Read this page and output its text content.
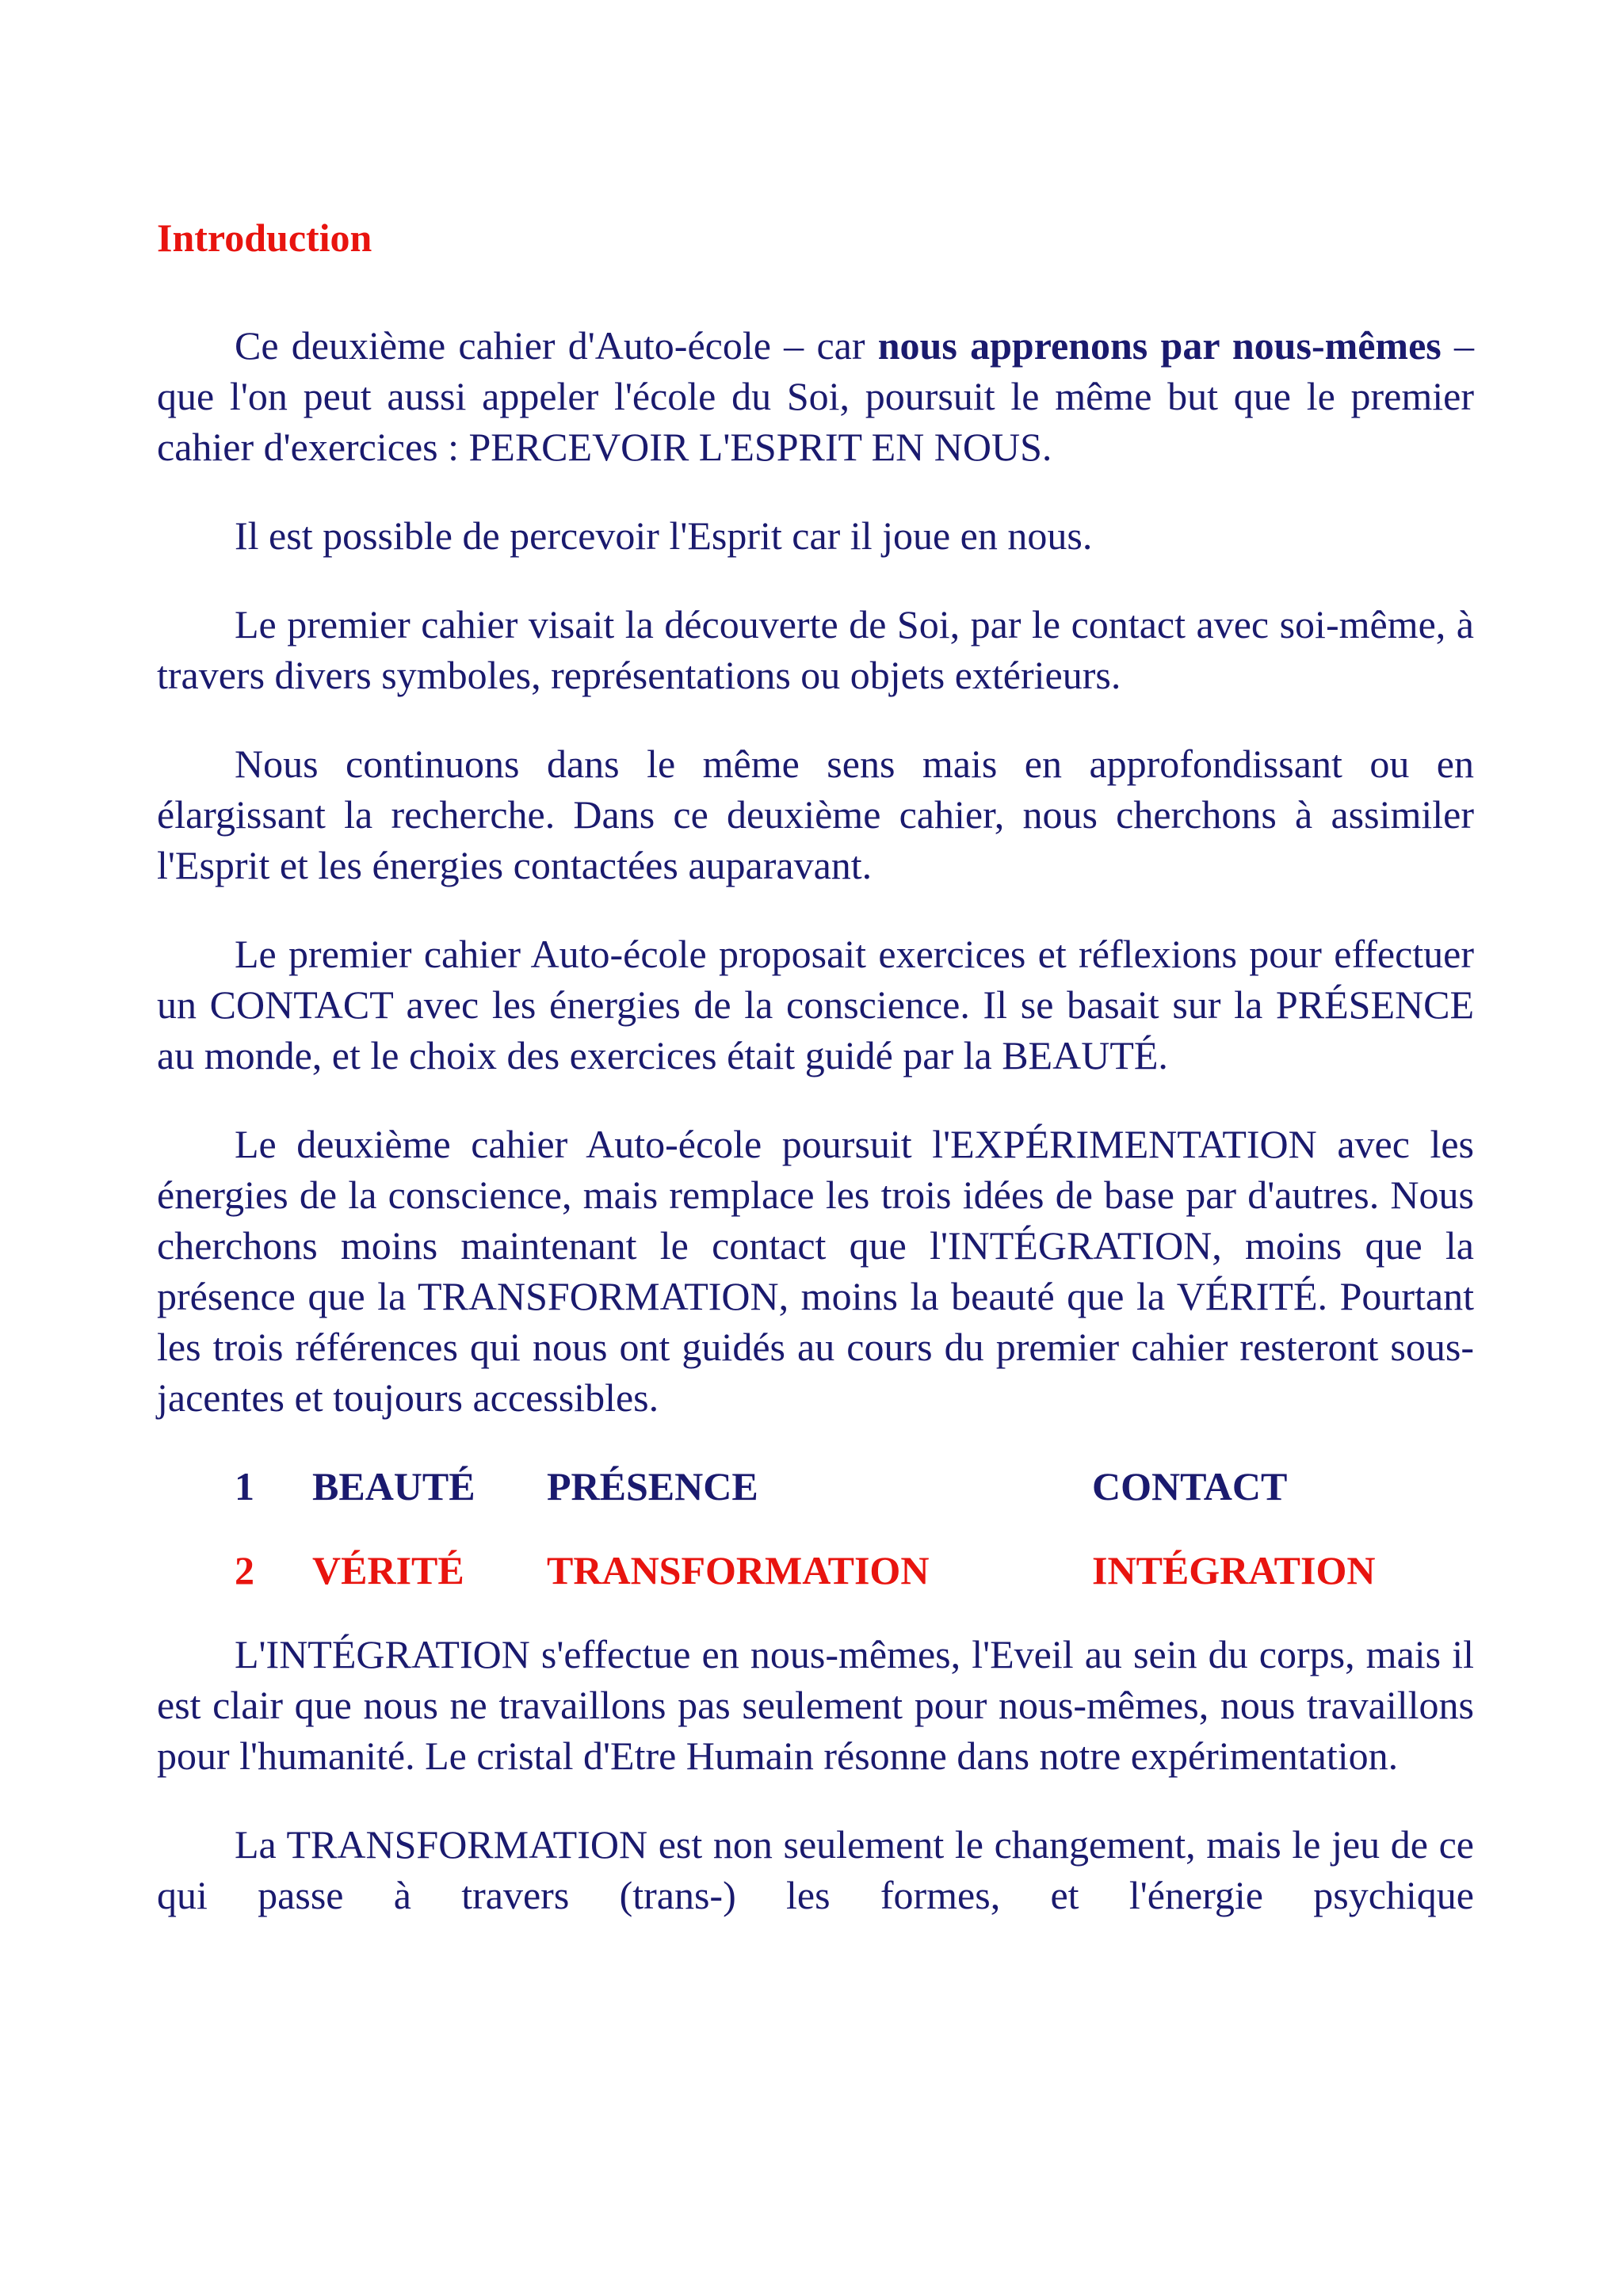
Introduction

Ce deuxième cahier d'Auto-école – car nous apprenons par nous-mêmes – que l'on peut aussi appeler l'école du Soi, poursuit le même but que le premier cahier d'exercices : PERCEVOIR L'ESPRIT EN NOUS.

Il est possible de percevoir l'Esprit car il joue en nous.

Le premier cahier visait la découverte de Soi, par le contact avec soi-même, à travers divers symboles, représentations ou objets extérieurs.

Nous continuons dans le même sens mais en approfondissant ou en élargissant la recherche. Dans ce deuxième cahier, nous cherchons à assimiler l'Esprit et les énergies contactées auparavant.

Le premier cahier Auto-école proposait exercices et réflexions pour effectuer un CONTACT avec les énergies de la conscience. Il se basait sur la PRÉSENCE au monde, et le choix des exercices était guidé par la BEAUTÉ.

Le deuxième cahier Auto-école poursuit l'EXPÉRIMENTATION avec les énergies de la conscience, mais remplace les trois idées de base par d'autres. Nous cherchons moins maintenant le contact que l'INTÉGRATION, moins que la présence que la TRANSFORMATION, moins la beauté que la VÉRITÉ. Pourtant les trois références qui nous ont guidés au cours du premier cahier resteront sous-jacentes et toujours accessibles.

1	BEAUTÉ	PRÉSENCE	CONTACT
2	VÉRITÉ	TRANSFORMATION	INTÉGRATION

L'INTÉGRATION s'effectue en nous-mêmes, l'Eveil au sein du corps, mais il est clair que nous ne travaillons pas seulement pour nous-mêmes, nous travaillons pour l'humanité. Le cristal d'Etre Humain résonne dans notre expérimentation.

La TRANSFORMATION est non seulement le changement, mais le jeu de ce qui passe à travers (trans-) les formes, et l'énergie psychique
